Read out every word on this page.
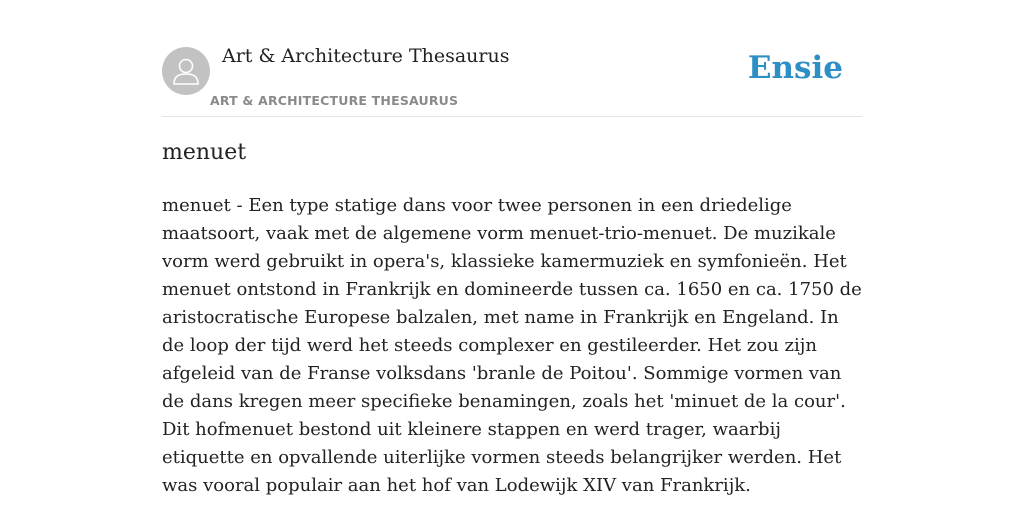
Art & Architecture Thesaurus
ART & ARCHITECTURE THESAURUS
Ensie
menuet

menuet - Een type statige dans voor twee personen in een driedelige maatsoort, vaak met de algemene vorm menuet-trio-menuet. De muzikale vorm werd gebruikt in opera's, klassieke kamermuziek en symfonieën. Het menuet ontstond in Frankrijk en domineerde tussen ca. 1650 en ca. 1750 de aristocratische Europese balzalen, met name in Frankrijk en Engeland. In de loop der tijd werd het steeds complexer en gestileerder. Het zou zijn afgeleid van de Franse volksdans 'branle de Poitou'. Sommige vormen van de dans kregen meer specifieke benamingen, zoals het 'minuet de la cour'. Dit hofmenuet bestond uit kleinere stappen en werd trager, waarbij etiquette en opvallende uiterlijke vormen steeds belangrijker werden. Het was vooral populair aan het hof van Lodewijk XIV van Frankrijk.
